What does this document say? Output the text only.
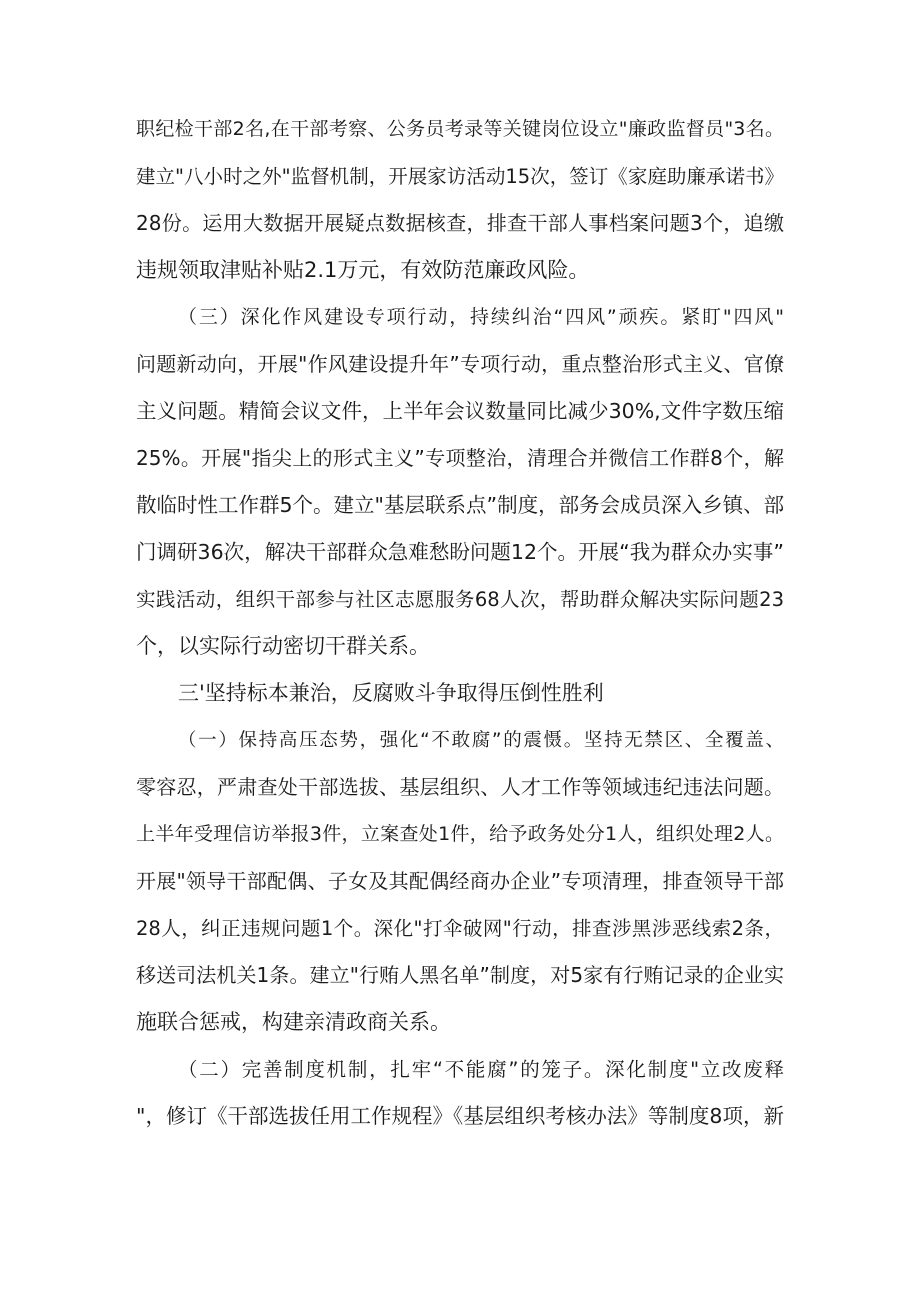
职纪检干部2名,在干部考察、公务员考录等关键岗位设立"廉政监督员"3名。
建立"八小时之外"监督机制，开展家访活动15次，签订《家庭助廉承诺书》
28份。运用大数据开展疑点数据核查，排查干部人事档案问题3个，追缴
违规领取津贴补贴2.1万元，有效防范廉政风险。

（三）深化作风建设专项行动，持续纠治“四风”顽疾。紧盯"四风"
问题新动向，开展"作风建设提升年”专项行动，重点整治形式主义、官僚
主义问题。精简会议文件，上半年会议数量同比减少30%,文件字数压缩
25%。开展"指尖上的形式主义”专项整治，清理合并微信工作群8个，解
散临时性工作群5个。建立"基层联系点”制度，部务会成员深入乡镇、部
门调研36次，解决干部群众急难愁盼问题12个。开展“我为群众办实事”
实践活动，组织干部参与社区志愿服务68人次，帮助群众解决实际问题23
个，以实际行动密切干群关系。

三'坚持标本兼治，反腐败斗争取得压倒性胜利

（一）保持高压态势，强化“不敢腐”的震慑。坚持无禁区、全覆盖、
零容忍，严肃查处干部选拔、基层组织、人才工作等领域违纪违法问题。
上半年受理信访举报3件，立案查处1件，给予政务处分1人，组织处理2人。
开展"领导干部配偶、子女及其配偶经商办企业”专项清理，排查领导干部
28人，纠正违规问题1个。深化"打伞破网"行动，排查涉黑涉恶线索2条，
移送司法机关1条。建立"行贿人黑名单”制度，对5家有行贿记录的企业实
施联合惩戒，构建亲清政商关系。

（二）完善制度机制，扎牢“不能腐”的笼子。深化制度"立改废释
"，修订《干部选拔任用工作规程》《基层组织考核办法》等制度8项，新
